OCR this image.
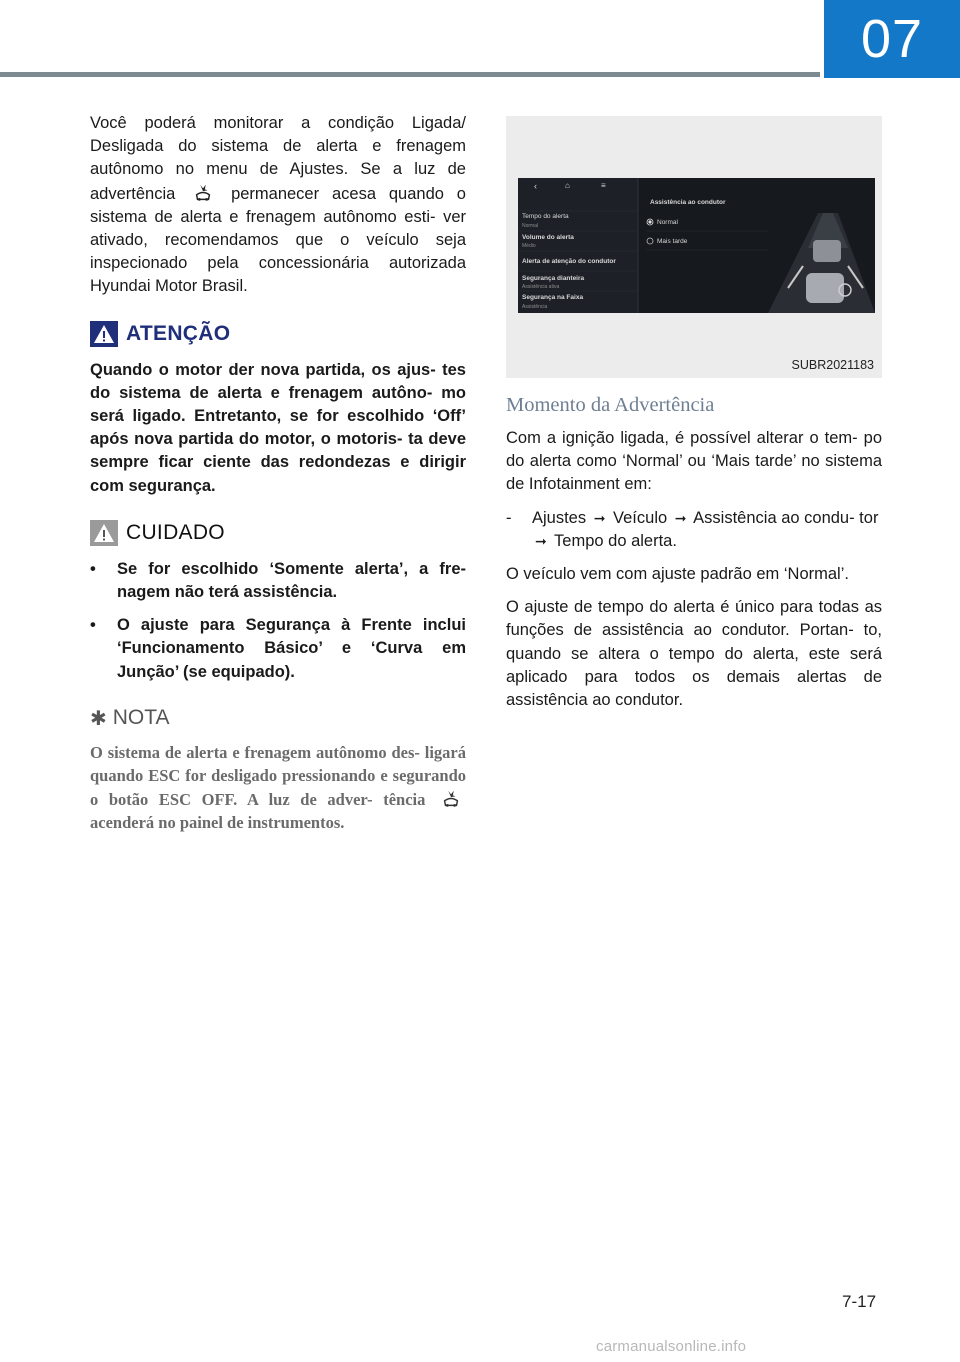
07

Você poderá monitorar a condição Ligada/ Desligada do sistema de alerta e frenagem autônomo no menu de Ajustes. Se a luz de advertência	permanecer acesa quando o sistema de alerta e frenagem autônomo esti- ver ativado, recomendamos que o veículo seja inspecionado pela concessionária autorizada Hyundai Motor Brasil.

ATENÇÃO

Quando o motor der nova partida, os ajus- tes do sistema de alerta e frenagem autôno- mo será ligado. Entretanto, se for escolhido ‘Off’ após nova partida do motor, o motoris- ta deve sempre ficar ciente das redondezas e dirigir com segurança.

CUIDADO
• Se for escolhido ‘Somente alerta’, a fre- nagem não terá assistência.
• O ajuste para Segurança à Frente inclui ‘Funcionamento Básico’ e ‘Curva em Junção’ (se equipado).
✱ NOTA

O sistema de alerta e frenagem autônomo des- ligará quando ESC for desligado pressionando e segurando o botão ESC OFF. A luz de adver- tência  acenderá no painel de instrumentos.

‹	⌂	≡
Assistência ao condutor
Tempo do alerta
Normal
Volume do alerta
Médio
Alerta de atenção do condutor
Segurança dianteira
Assistência ativa
Segurança na Faixa
Assistência
Normal
Mais tarde
SUBR2021183
Momento da Advertência

Com a ignição ligada, é possível alterar o tem- po do alerta como ‘Normal’ ou ‘Mais tarde’ no sistema de Infotainment em:

- Ajustes ➞ Veículo ➞ Assistência ao condu- tor ➞ Tempo do alerta.

O veículo vem com ajuste padrão em ‘Normal’.

O ajuste de tempo do alerta é único para todas as funções de assistência ao condutor. Portan- to, quando se altera o tempo do alerta, este será aplicado para todos os demais alertas de assistência ao condutor.

7-17
carmanualsonline.info
